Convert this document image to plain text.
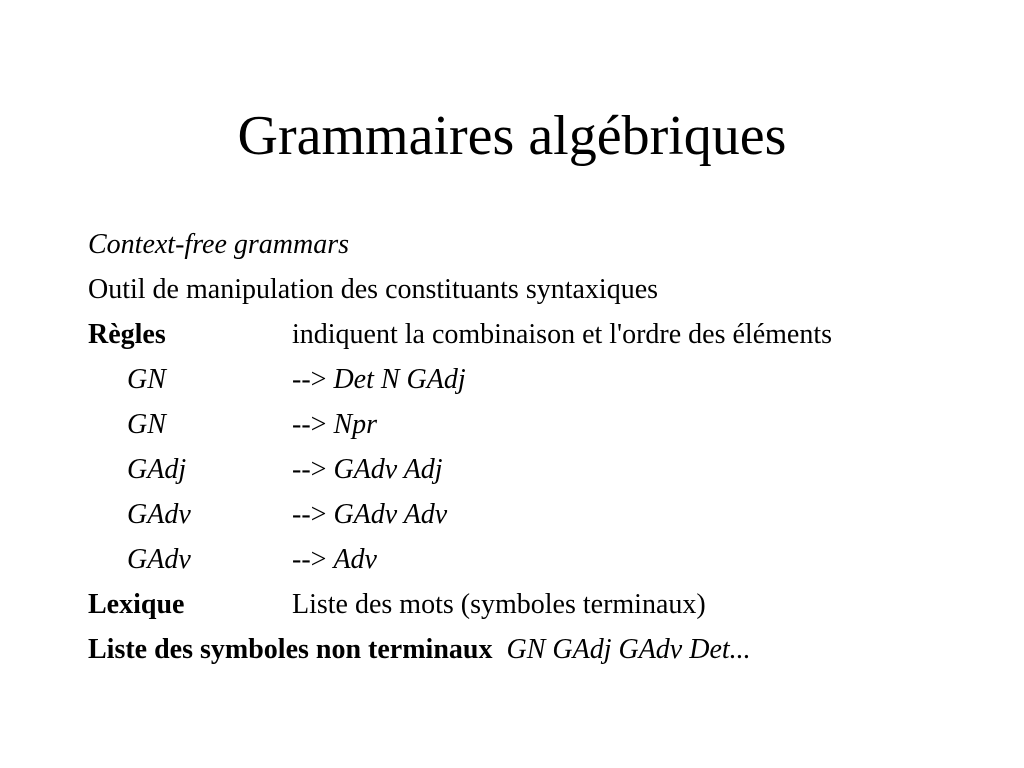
Grammaires algébriques
Context-free grammars
Outil de manipulation des constituants syntaxiques
Règles	indiquent la combinaison et l'ordre des éléments
GN	--> Det N GAdj
GN	--> Npr
GAdj	--> GAdv Adj
GAdv	--> GAdv Adv
GAdv	--> Adv
Lexique	Liste des mots (symboles terminaux)
Liste des symboles non terminaux GN GAdj GAdv Det...
